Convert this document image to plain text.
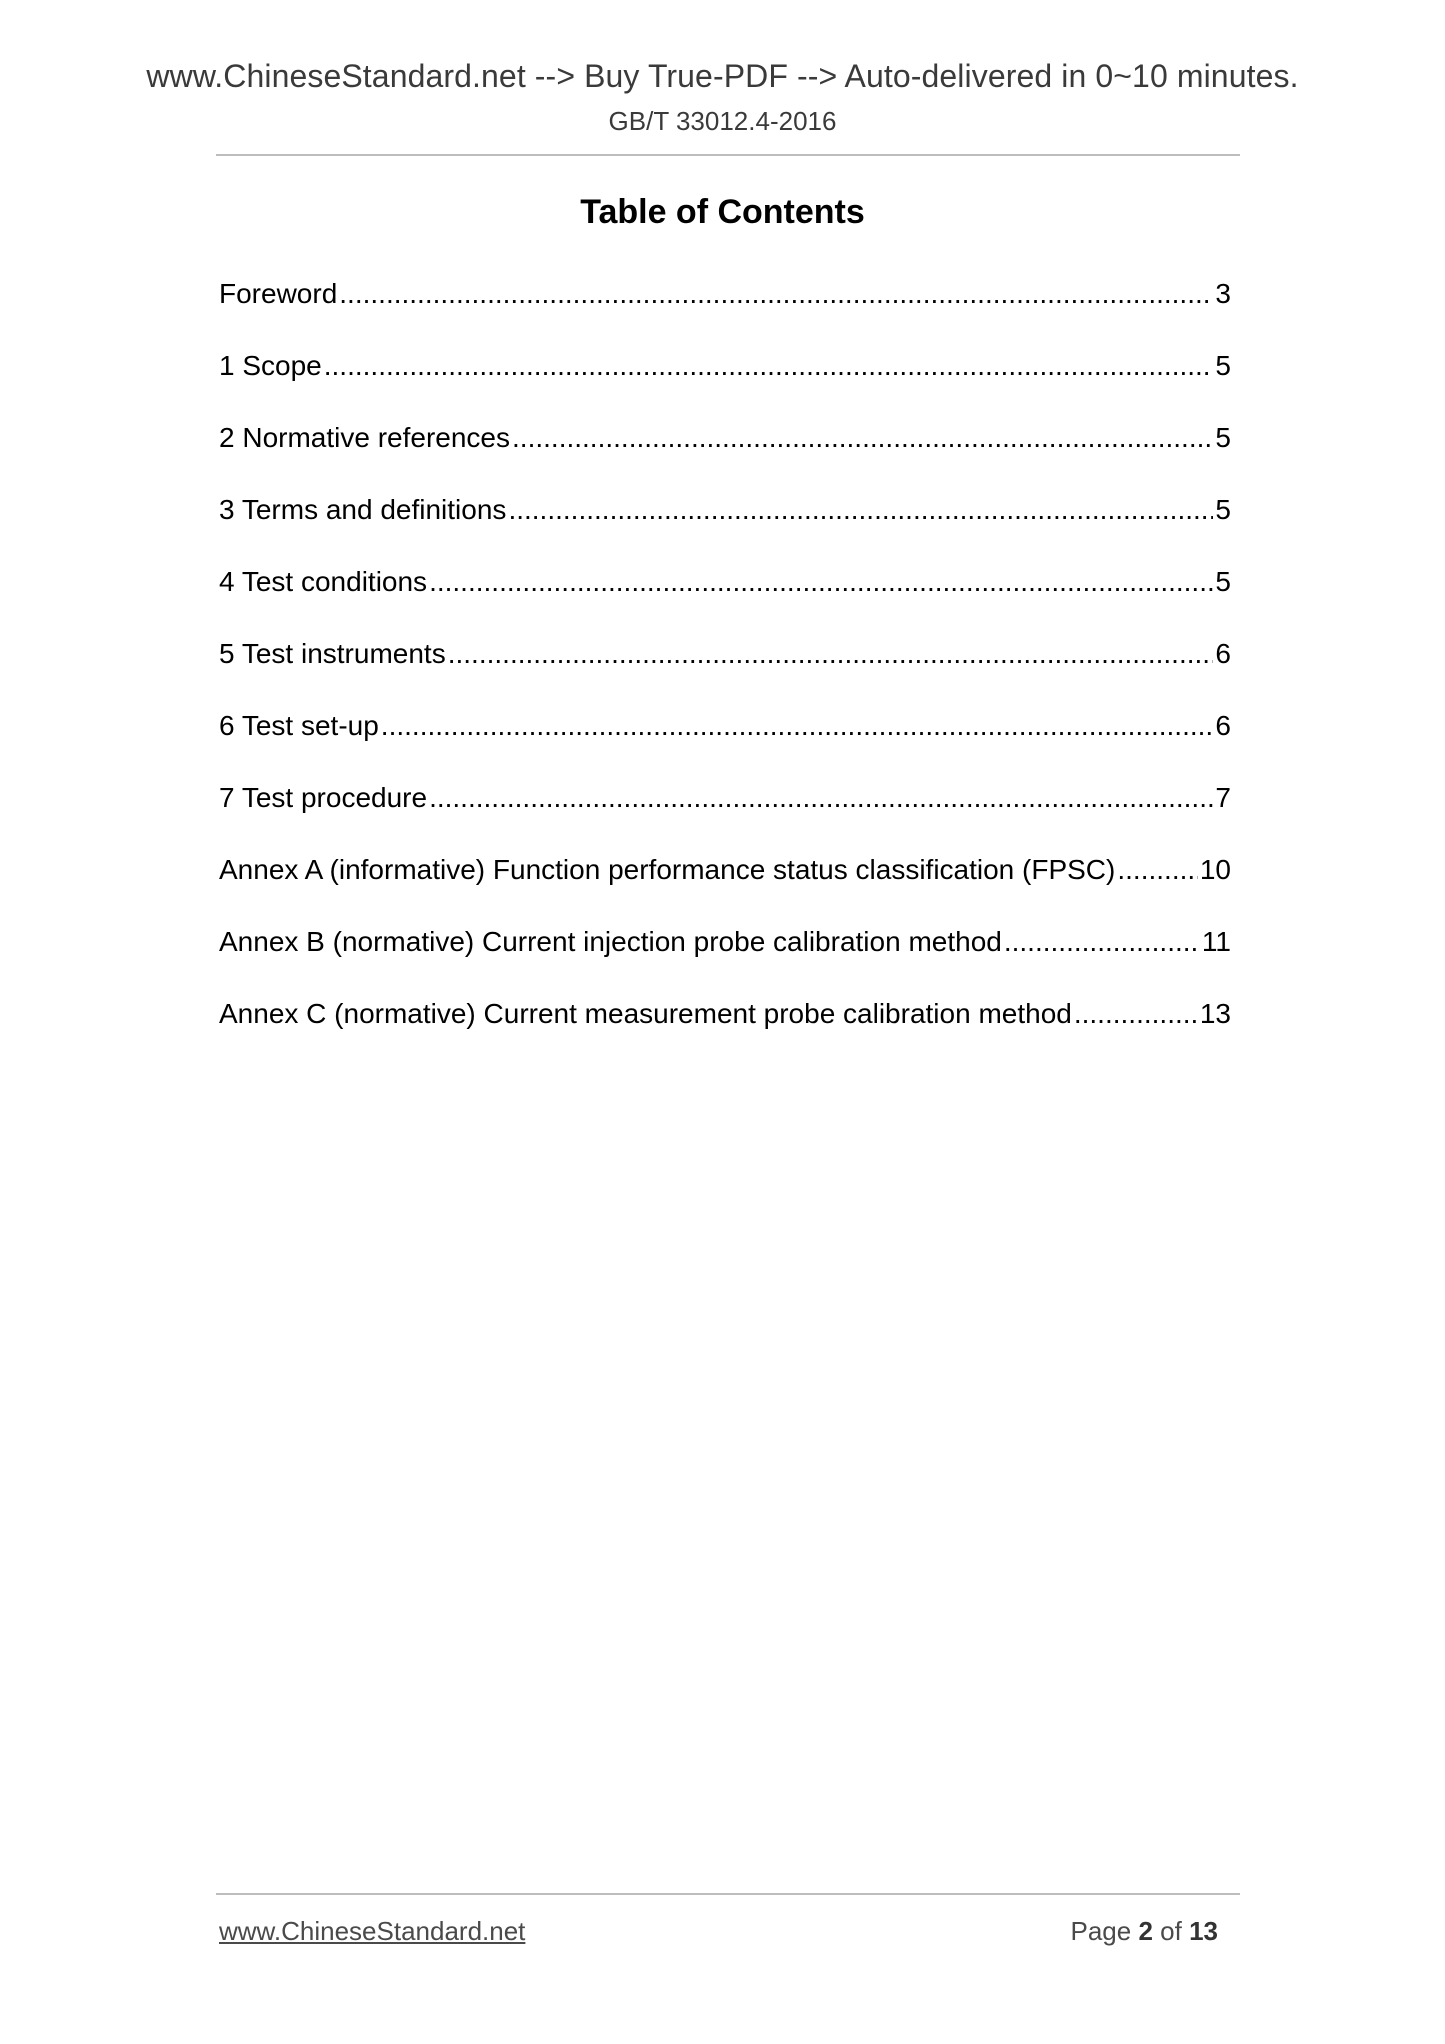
www.ChineseStandard.net --> Buy True-PDF --> Auto-delivered in 0~10 minutes.
GB/T 33012.4-2016
Table of Contents
Foreword .....	3
1 Scope .....	5
2 Normative references .....	5
3 Terms and definitions .....	5
4 Test conditions .....	5
5 Test instruments .....	6
6 Test set-up .....	6
7 Test procedure .....	7
Annex A (informative) Function performance status classification (FPSC) .....	10
Annex B (normative) Current injection probe calibration method .....	11
Annex C (normative) Current measurement probe calibration method .....	13
www.ChineseStandard.net	Page 2 of 13
